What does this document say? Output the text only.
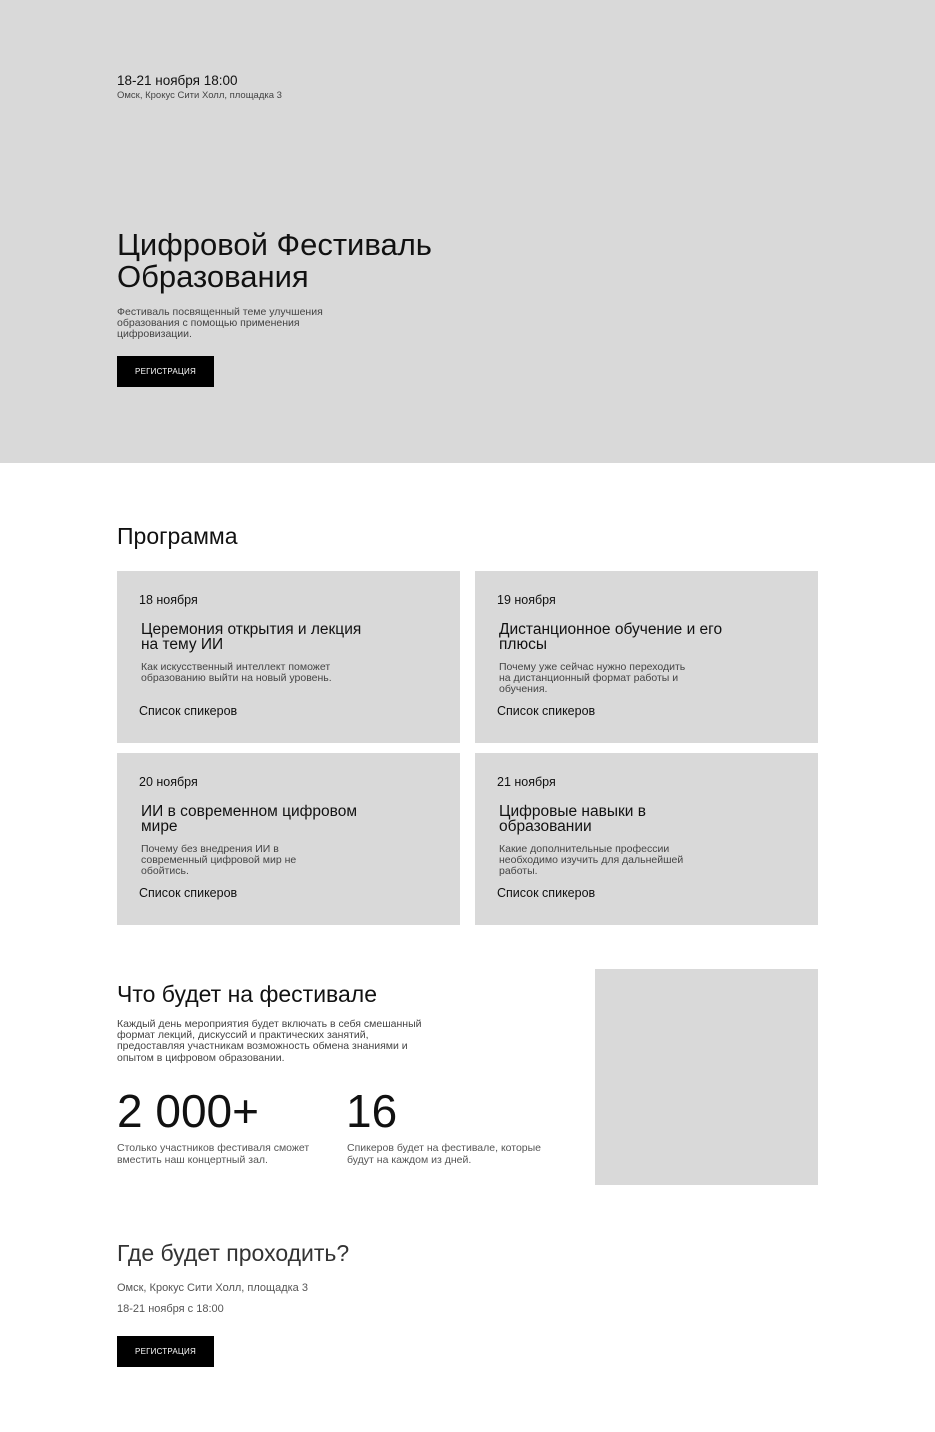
18-21 ноября 18:00
Омск, Крокус Сити Холл, площадка 3
Цифровой Фестиваль
Образования
Фестиваль посвященный теме улучшения образования с помощью применения цифровизации.
РЕГИСТРАЦИЯ
Программа
18 ноября
Церемония открытия и лекция на тему ИИ
Как искусственный интеллект поможет образованию выйти на новый уровень.
Список спикеров
19 ноября
Дистанционное обучение и его плюсы
Почему уже сейчас нужно переходить на дистанционный формат работы и обучения.
Список спикеров
20 ноября
ИИ в современном цифровом мире
Почему без внедрения ИИ в современный цифровой мир не обойтись.
Список спикеров
21 ноября
Цифровые навыки в образовании
Какие дополнительные профессии необходимо изучить для дальнейшей работы.
Список спикеров
Что будет на фестивале
Каждый день мероприятия будет включать в себя смешанный формат лекций, дискуссий и практических занятий, предоставляя участникам возможность обмена знаниями и опытом в цифровом образовании.
2 000+ 16
Столько участников фестиваля сможет вместить наш концертный зал.
Спикеров будет на фестивале, которые будут на каждом из дней.
Где будет проходить?
Омск, Крокус Сити Холл, площадка 3
18-21 ноября с 18:00
РЕГИСТРАЦИЯ
